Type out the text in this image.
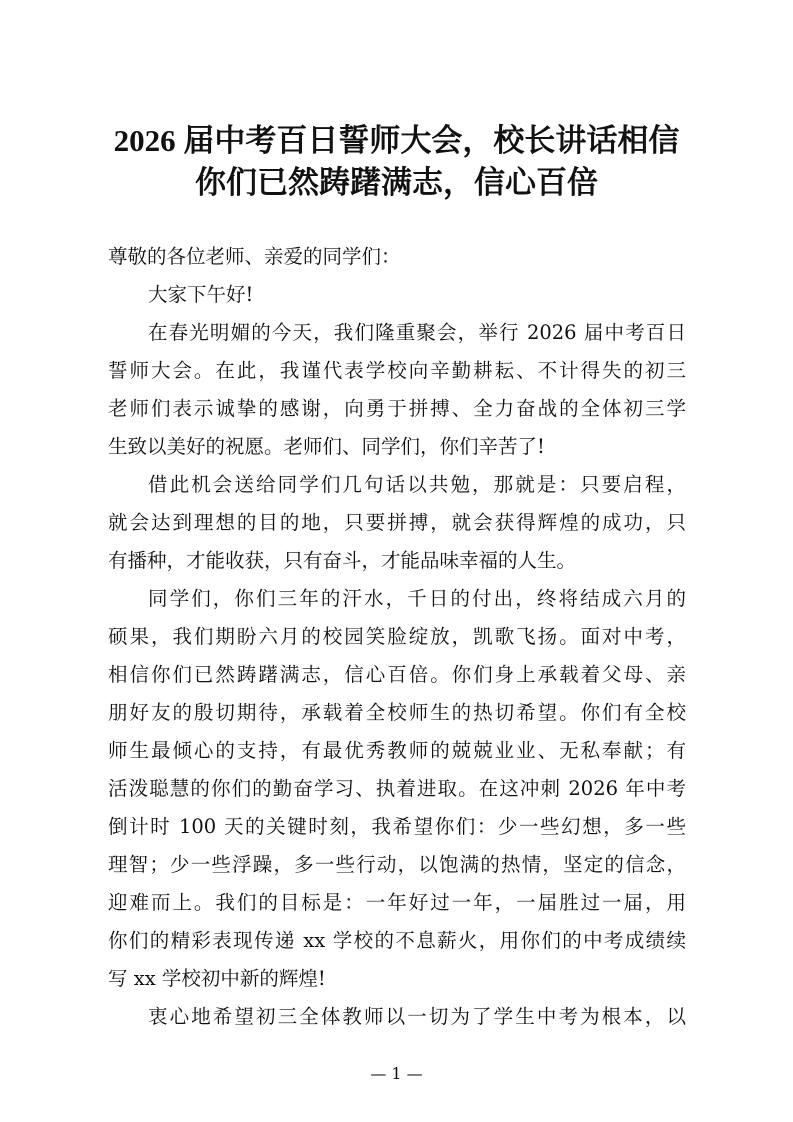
2026 届中考百日誓师大会，校长讲话相信
你们已然踌躇满志，信心百倍
尊敬的各位老师、亲爱的同学们：
大家下午好!
在春光明媚的今天，我们隆重聚会，举行 2026 届中考百日
誓师大会。在此，我谨代表学校向辛勤耕耘、不计得失的初三
老师们表示诚挚的感谢，向勇于拼搏、全力奋战的全体初三学
生致以美好的祝愿。老师们、同学们，你们辛苦了!
借此机会送给同学们几句话以共勉，那就是：只要启程，
就会达到理想的目的地，只要拼搏，就会获得辉煌的成功，只
有播种，才能收获，只有奋斗，才能品味幸福的人生。
同学们，你们三年的汗水，千日的付出，终将结成六月的
硕果，我们期盼六月的校园笑脸绽放，凯歌飞扬。面对中考，
相信你们已然踌躇满志，信心百倍。你们身上承载着父母、亲
朋好友的殷切期待，承载着全校师生的热切希望。你们有全校
师生最倾心的支持，有最优秀教师的兢兢业业、无私奉献；有
活泼聪慧的你们的勤奋学习、执着进取。在这冲刺 2026 年中考
倒计时 100 天的关键时刻，我希望你们：少一些幻想，多一些
理智；少一些浮躁，多一些行动，以饱满的热情，坚定的信念，
迎难而上。我们的目标是：一年好过一年，一届胜过一届，用
你们的精彩表现传递 xx 学校的不息薪火，用你们的中考成绩续
写 xx 学校初中新的辉煌!
衷心地希望初三全体教师以一切为了学生中考为根本，以
— 1 —
